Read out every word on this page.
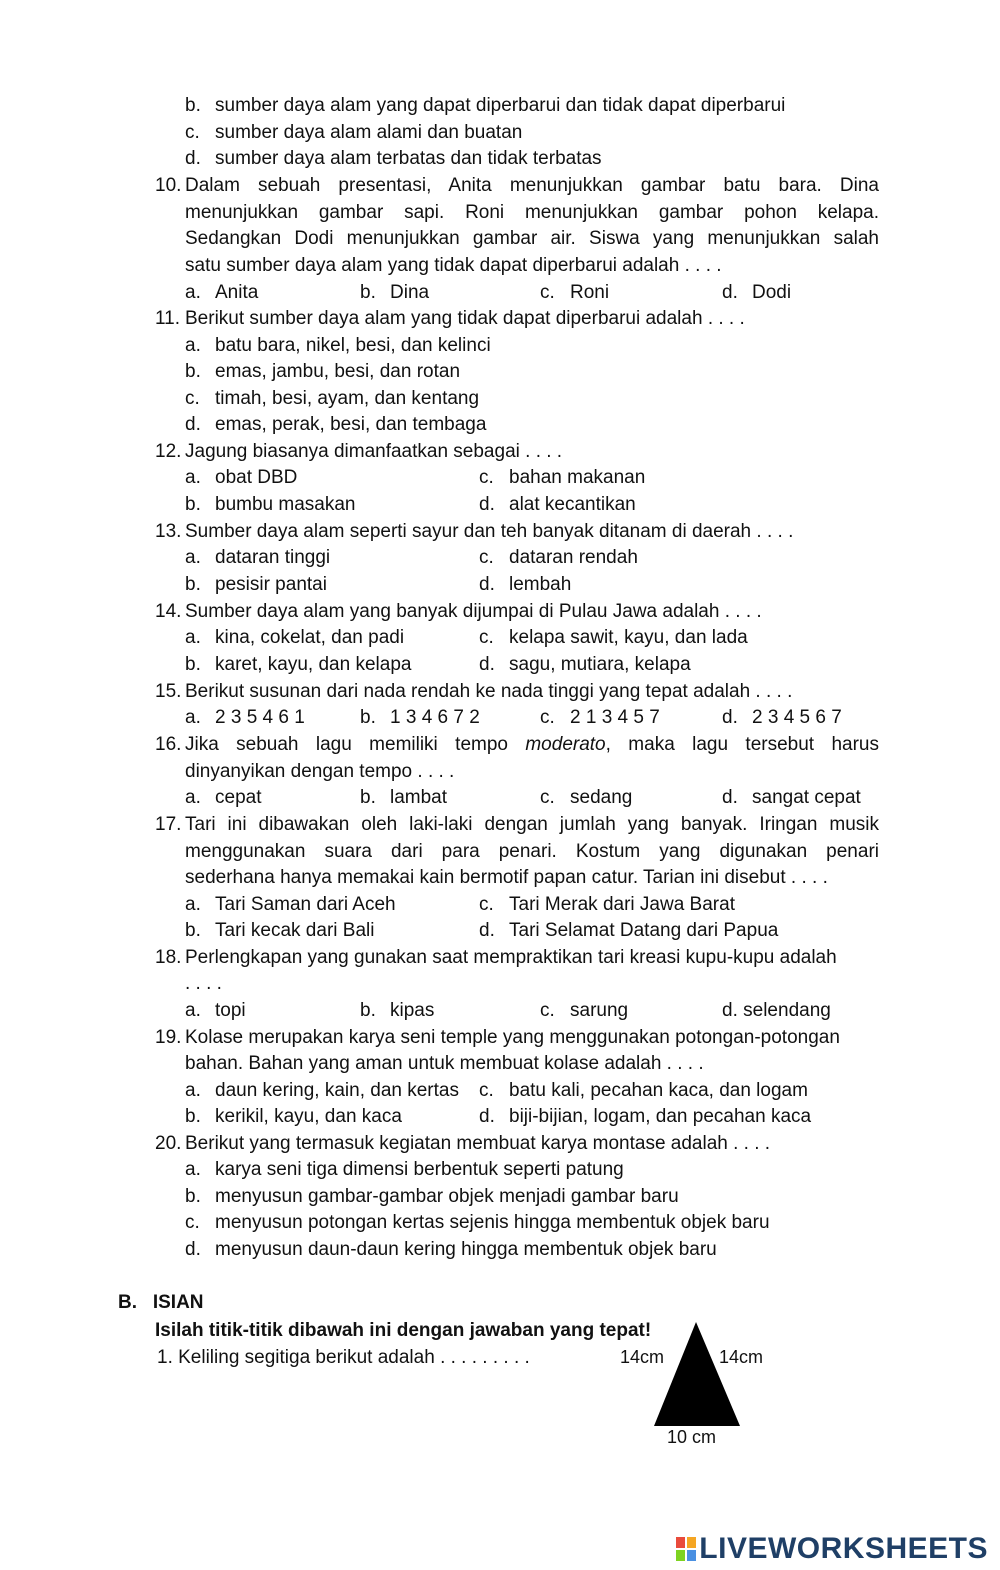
b. sumber daya alam yang dapat diperbarui dan tidak dapat diperbarui
c. sumber daya alam alami dan buatan
d. sumber daya alam terbatas dan tidak terbatas
10. Dalam sebuah presentasi, Anita menunjukkan gambar batu bara. Dina
menunjukkan gambar sapi. Roni menunjukkan gambar pohon kelapa.
Sedangkan Dodi menunjukkan gambar air. Siswa yang menunjukkan salah
satu sumber daya alam yang tidak dapat diperbarui adalah . . . .
a. Anita	b. Dina	c. Roni	d. Dodi
11. Berikut sumber daya alam yang tidak dapat diperbarui adalah . . . .
a. batu bara, nikel, besi, dan kelinci
b. emas, jambu, besi, dan rotan
c. timah, besi, ayam, dan kentang
d. emas, perak, besi, dan tembaga
12. Jagung biasanya dimanfaatkan sebagai . . . .
a. obat DBD	c. bahan makanan
b. bumbu masakan	d. alat kecantikan
13. Sumber daya alam seperti sayur dan teh banyak ditanam di daerah . . . .
a. dataran tinggi	c. dataran rendah
b. pesisir pantai	d. lembah
14. Sumber daya alam yang banyak dijumpai di Pulau Jawa adalah . . . .
a. kina, cokelat, dan padi	c. kelapa sawit, kayu, dan lada
b. karet, kayu, dan kelapa	d. sagu, mutiara, kelapa
15. Berikut susunan dari nada rendah ke nada tinggi yang tepat adalah . . . .
a. 2 3 5 4 6 1	b. 1 3 4 6 7 2	c. 2 1 3 4 5 7	d. 2 3 4 5 6 7
16. Jika sebuah lagu memiliki tempo moderato, maka lagu tersebut harus
dinyanyikan dengan tempo . . . .
a. cepat	b. lambat	c. sedang	d. sangat cepat
17. Tari ini dibawakan oleh laki-laki dengan jumlah yang banyak. Iringan musik
menggunakan suara dari para penari. Kostum yang digunakan penari
sederhana hanya memakai kain bermotif papan catur. Tarian ini disebut . . . .
a. Tari Saman dari Aceh	c. Tari Merak dari Jawa Barat
b. Tari kecak dari Bali	d. Tari Selamat Datang dari Papua
18. Perlengkapan yang gunakan saat mempraktikan tari kreasi kupu-kupu adalah
. . . .
a. topi	b. kipas	c. sarung	d. selendang
19. Kolase merupakan karya seni temple yang menggunakan potongan-potongan
bahan. Bahan yang aman untuk membuat kolase adalah . . . .
a. daun kering, kain, dan kertas c. batu kali, pecahan kaca, dan logam
b. kerikil, kayu, dan kaca	d. biji-bijian, logam, dan pecahan kaca
20. Berikut yang termasuk kegiatan membuat karya montase adalah . . . .
a. karya seni tiga dimensi berbentuk seperti patung
b. menyusun gambar-gambar objek menjadi gambar baru
c. menyusun potongan kertas sejenis hingga membentuk objek baru
d. menyusun daun-daun kering hingga membentuk objek baru
B. ISIAN
Isilah titik-titik dibawah ini dengan jawaban yang tepat!
1. Keliling segitiga berikut adalah . . . . . . . . .	14cm	14cm
10 cm
LIVEWORKSHEETS
